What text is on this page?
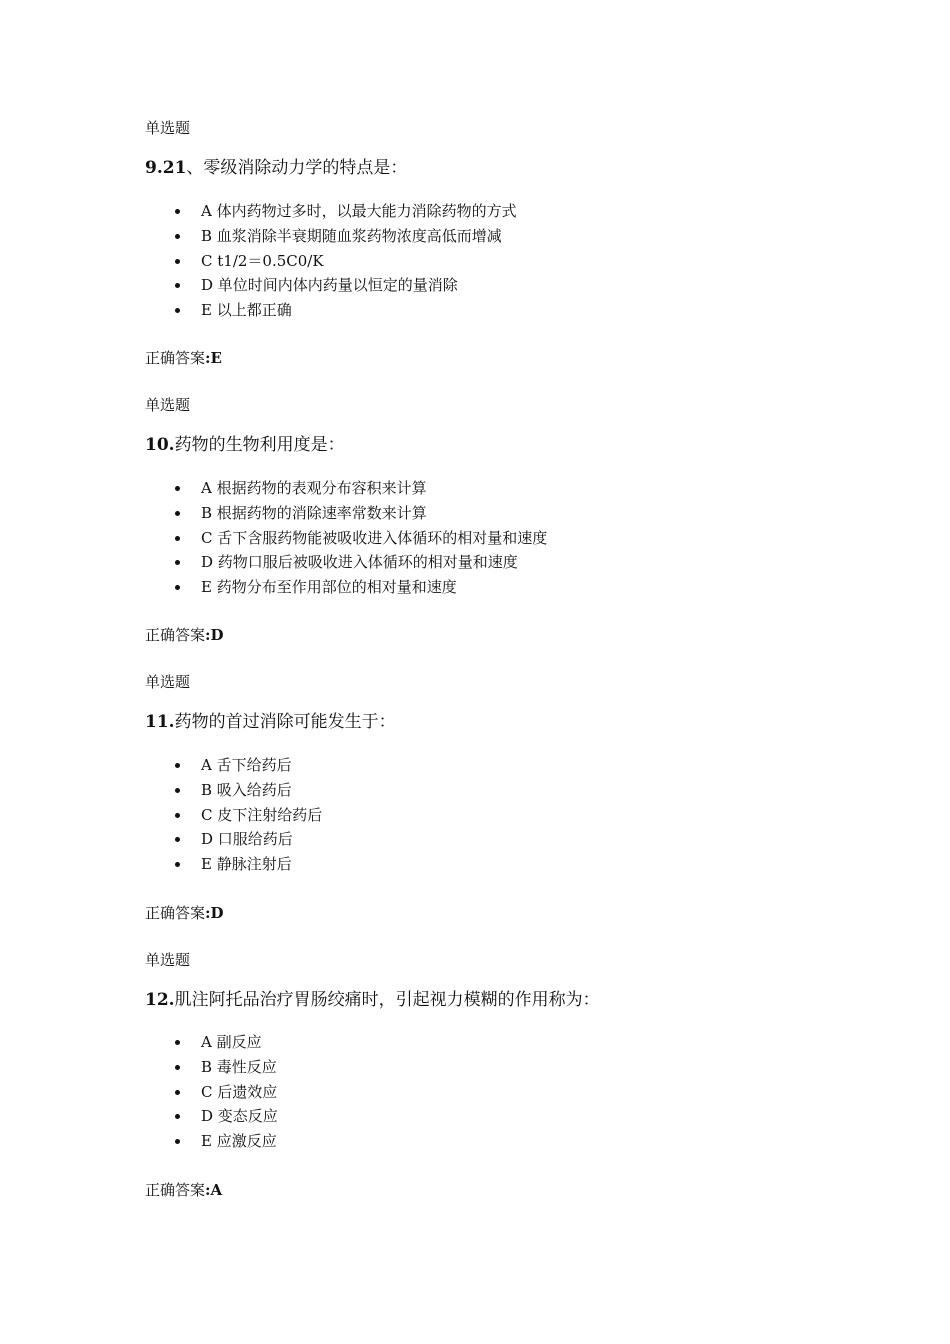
单选题
9.21、零级消除动力学的特点是：
A 体内药物过多时，以最大能力消除药物的方式
B 血浆消除半衰期随血浆药物浓度高低而增减
C t1/2＝0.5C0/K
D 单位时间内体内药量以恒定的量消除
E 以上都正确
正确答案:E
单选题
10.药物的生物利用度是：
A 根据药物的表观分布容积来计算
B 根据药物的消除速率常数来计算
C 舌下含服药物能被吸收进入体循环的相对量和速度
D 药物口服后被吸收进入体循环的相对量和速度
E 药物分布至作用部位的相对量和速度
正确答案:D
单选题
11.药物的首过消除可能发生于：
A 舌下给药后
B 吸入给药后
C 皮下注射给药后
D 口服给药后
E 静脉注射后
正确答案:D
单选题
12.肌注阿托品治疗胃肠绞痛时，引起视力模糊的作用称为：
A 副反应
B 毒性反应
C 后遗效应
D 变态反应
E 应激反应
正确答案:A
